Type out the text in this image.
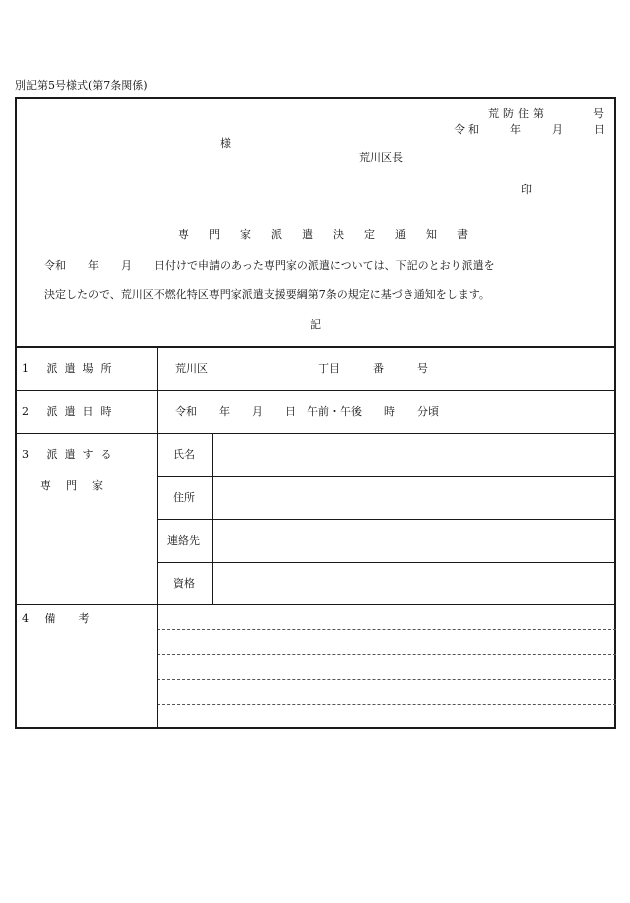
別記第5号様式(第7条関係)
荒防住第　　　号
令和　　年　　月　　日
様
荒川区長
印
専門家派遣決定通知書
令和　　年　　月　　日付けで申請のあった専門家の派遣については、下記のとおり派遣を
決定したので、荒川区不燃化特区専門家派遣支援要綱第7条の規定に基づき通知をします。
記
1 派遣場所	荒川区　　　　　　　　　　丁目　　　番　　　号
2 派遣日時	令和　　年　　月　　日　午前・午後　　時　　分頃
3 派遣する
専門家
氏名
住所
連絡先
資格
4 備　考
